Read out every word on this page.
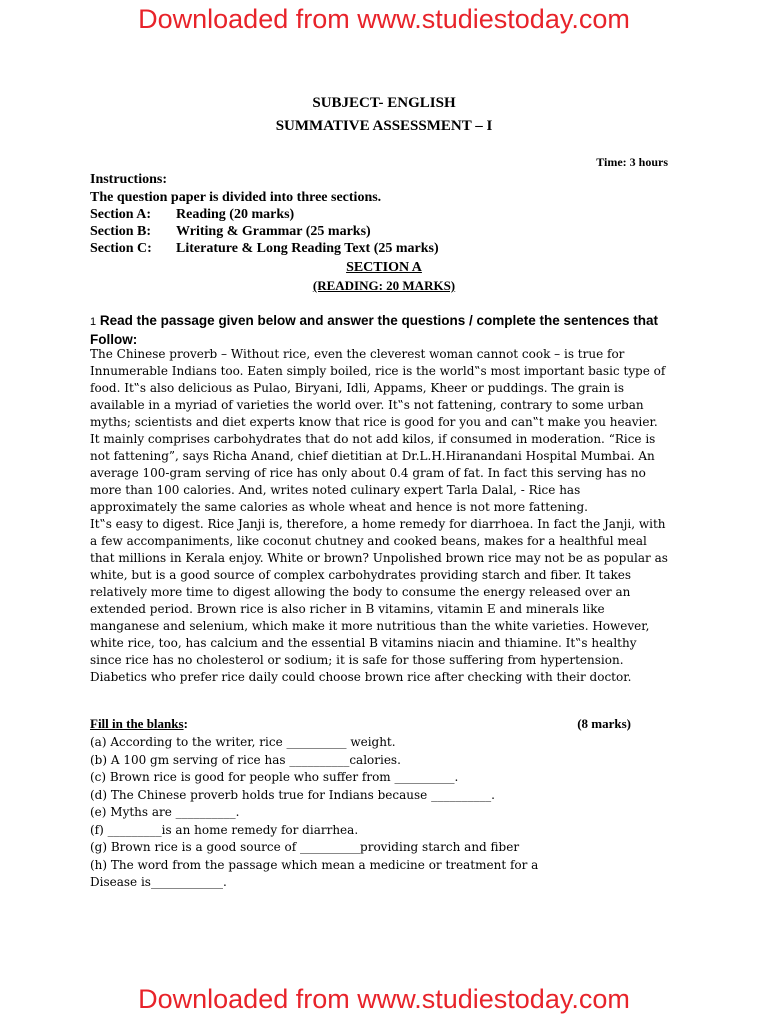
Downloaded from www.studiestoday.com
SUBJECT- ENGLISH
SUMMATIVE ASSESSMENT – I
Time: 3 hours
Instructions:
The question paper is divided into three sections.
Section A: Reading (20 marks)
Section B: Writing & Grammar (25 marks)
Section C: Literature & Long Reading Text (25 marks)
SECTION A
(READING: 20 MARKS)
1 Read the passage given below and answer the questions / complete the sentences that Follow:

The Chinese proverb – Without rice, even the cleverest woman cannot cook – is true for Innumerable Indians too. Eaten simply boiled, rice is the world‟s most important basic type of food. It‟s also delicious as Pulao, Biryani, Idli, Appams, Kheer or puddings. The grain is available in a myriad of varieties the world over. It‟s not fattening, contrary to some urban myths; scientists and diet experts know that rice is good for you and can‟t make you heavier. It mainly comprises carbohydrates that do not add kilos, if consumed in moderation. “Rice is not fattening”, says Richa Anand, chief dietitian at Dr.L.H.Hiranandani Hospital Mumbai. An average 100-gram serving of rice has only about 0.4 gram of fat. In fact this serving has no more than 100 calories. And, writes noted culinary expert Tarla Dalal, - Rice has approximately the same calories as whole wheat and hence is not more fattening.

It‟s easy to digest. Rice Janji is, therefore, a home remedy for diarrhoea. In fact the Janji, with a few accompaniments, like coconut chutney and cooked beans, makes for a healthful meal that millions in Kerala enjoy. White or brown? Unpolished brown rice may not be as popular as white, but is a good source of complex carbohydrates providing starch and fiber. It takes relatively more time to digest allowing the body to consume the energy released over an extended period. Brown rice is also richer in B vitamins, vitamin E and minerals like manganese and selenium, which make it more nutritious than the white varieties. However, white rice, too, has calcium and the essential B vitamins niacin and thiamine. It‟s healthy since rice has no cholesterol or sodium; it is safe for those suffering from hypertension. Diabetics who prefer rice daily could choose brown rice after checking with their doctor.

Fill in the blanks:	(8 marks)
(a) According to the writer, rice __________ weight.
(b) A 100 gm serving of rice has __________calories.
(c) Brown rice is good for people who suffer from __________.
(d) The Chinese proverb holds true for Indians because __________.
(e) Myths are __________.
(f) _________is an home remedy for diarrhea.
(g) Brown rice is a good source of __________providing starch and fiber
(h) The word from the passage which mean a medicine or treatment for a
Disease is____________.
Downloaded from www.studiestoday.com
